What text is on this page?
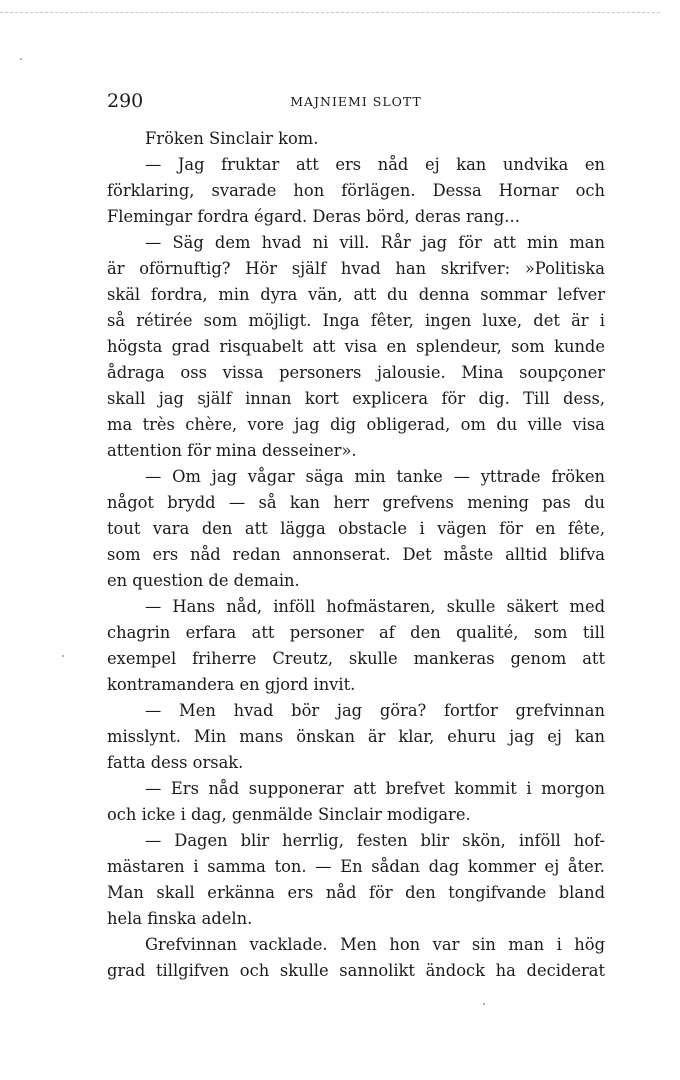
290	MAJNIEMI SLOTT
Fröken Sinclair kom.
— Jag fruktar att ers nåd ej kan undvika en
förklaring, svarade hon förlägen. Dessa Hornar och
Flemingar fordra égard. Deras börd, deras rang...
— Säg dem hvad ni vill. Rår jag för att min man
är oförnuftig? Hör själf hvad han skrifver: »Politiska
skäl fordra, min dyra vän, att du denna sommar lefver
så rétirée som möjligt. Inga fêter, ingen luxe, det är i
högsta grad risquabelt att visa en splendeur, som kunde
ådraga oss vissa personers jalousie. Mina soupçoner
skall jag själf innan kort explicera för dig. Till dess,
ma très chère, vore jag dig obligerad, om du ville visa
attention för mina desseiner».
— Om jag vågar säga min tanke — yttrade fröken
något brydd — så kan herr grefvens mening pas du
tout vara den att lägga obstacle i vägen för en fête,
som ers nåd redan annonserat. Det måste alltid blifva
en question de demain.
— Hans nåd, inföll hofmästaren, skulle säkert med
chagrin erfara att personer af den qualité, som till
exempel friherre Creutz, skulle mankeras genom att
kontramandera en gjord invit.
— Men hvad bör jag göra? fortfor grefvinnan
misslynt. Min mans önskan är klar, ehuru jag ej kan
fatta dess orsak.
— Ers nåd supponerar att brefvet kommit i morgon
och icke i dag, genmälde Sinclair modigare.
— Dagen blir herrlig, festen blir skön, inföll hof-
mästaren i samma ton. — En sådan dag kommer ej åter.
Man skall erkänna ers nåd för den tongifvande bland
hela finska adeln.
Grefvinnan vacklade. Men hon var sin man i hög
grad tillgifven och skulle sannolikt ändock ha deciderat
